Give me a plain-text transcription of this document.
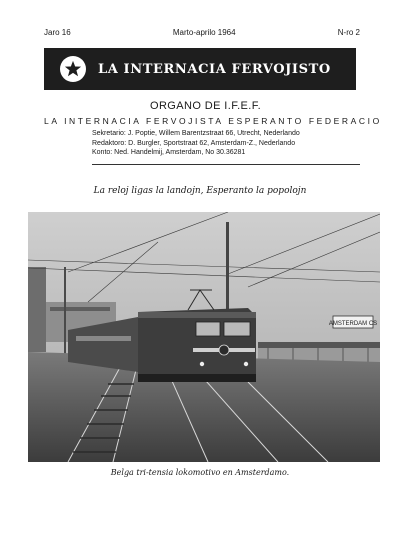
Jaro 16	Marto-aprilo 1964	N-ro 2
LA INTERNACIA FERVOJISTO
ORGANO DE I.F.E.F.
LA INTERNACIA FERVOJISTA ESPERANTO FEDERACIO
Sekretario: J. Poptie, Willem Barentzstraat 66, Utrecht, Nederlando
Redaktoro: D. Burgler, Sportstraat 62, Amsterdam-Z., Nederlando
Konto: Ned. Handelmij, Amsterdam, No 30.36281
La reloj ligas la landojn, Esperanto la popolojn
AMSTERDAM CS
Belga tri-tensia lokomotivo en Amsterdamo.
